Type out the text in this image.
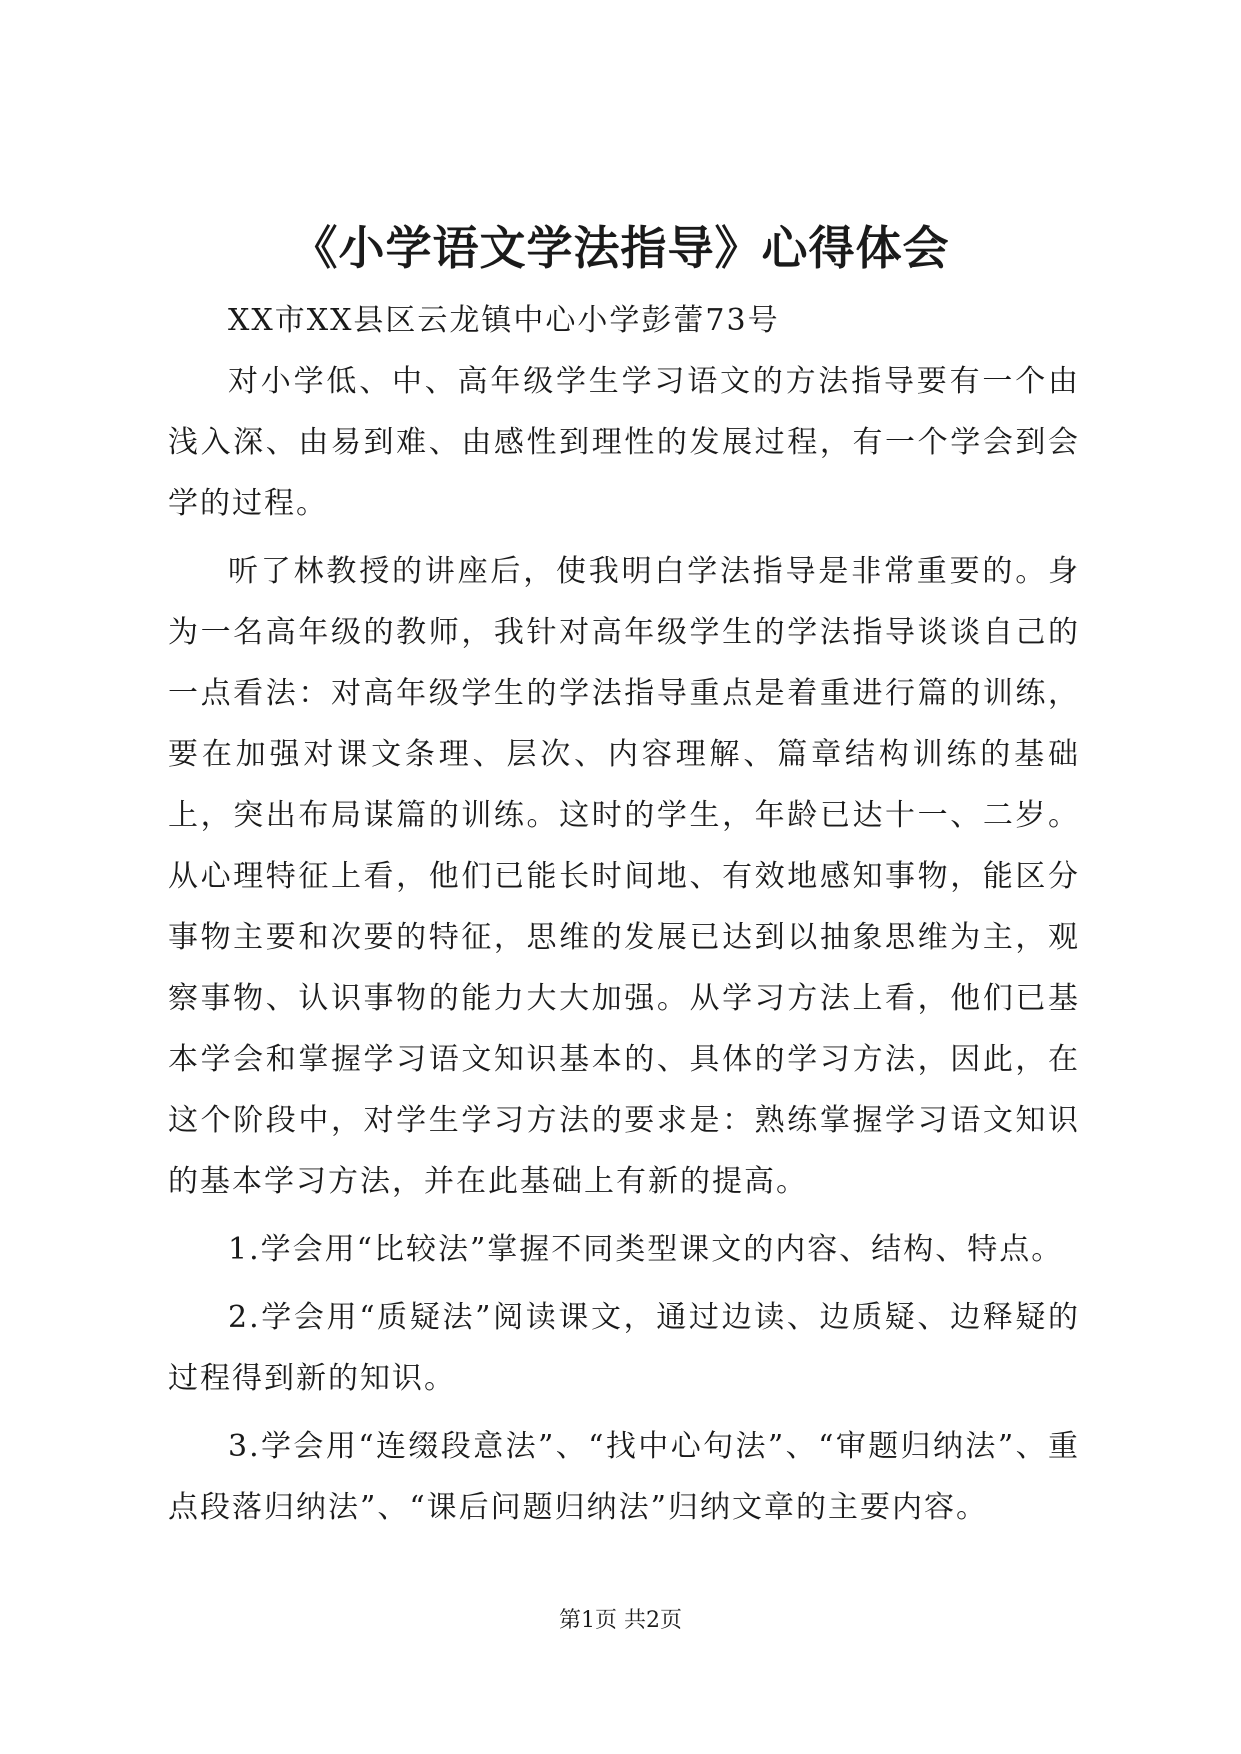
《小学语文学法指导》心得体会

XX市XX县区云龙镇中心小学彭蕾73号

对小学低、中、高年级学生学习语文的方法指导要有一个由浅入深、由易到难、由感性到理性的发展过程，有一个学会到会学的过程。

听了林教授的讲座后，使我明白学法指导是非常重要的。身为一名高年级的教师，我针对高年级学生的学法指导谈谈自己的一点看法：对高年级学生的学法指导重点是着重进行篇的训练，要在加强对课文条理、层次、内容理解、篇章结构训练的基础上，突出布局谋篇的训练。这时的学生，年龄已达十一、二岁。从心理特征上看，他们已能长时间地、有效地感知事物，能区分事物主要和次要的特征，思维的发展已达到以抽象思维为主，观察事物、认识事物的能力大大加强。从学习方法上看，他们已基本学会和掌握学习语文知识基本的、具体的学习方法，因此，在这个阶段中，对学生学习方法的要求是：熟练掌握学习语文知识的基本学习方法，并在此基础上有新的提高。

1.学会用“比较法”掌握不同类型课文的内容、结构、特点。

2.学会用“质疑法”阅读课文，通过边读、边质疑、边释疑的过程得到新的知识。

3.学会用“连缀段意法”、“找中心句法”、“审题归纳法”、重点段落归纳法”、“课后问题归纳法”归纳文章的主要内容。

第1页 共2页
